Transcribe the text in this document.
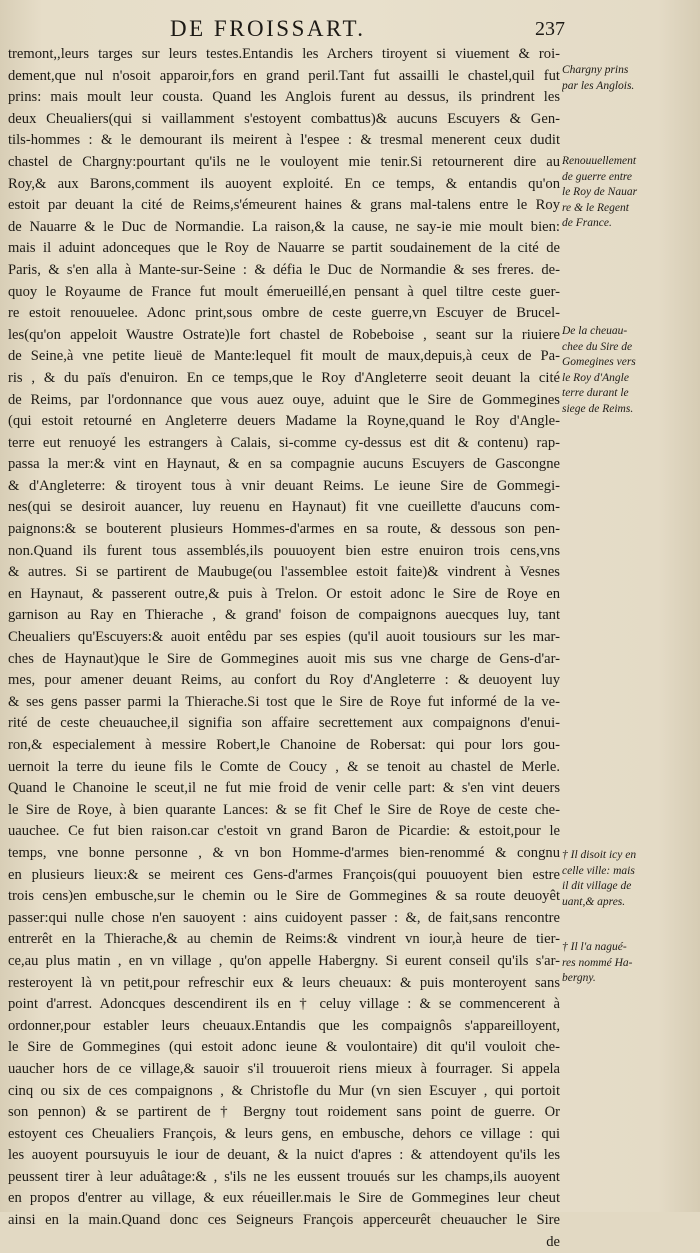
DE FROISSART.	237
tremont,,leurs targes sur leurs testes.Entandis les Archers tiroyent si viuement & roi-
dement,que nul n'osoit apparoir,fors en grand peril.Tant fut assailli le chastel,quil fut
prins: mais moult leur cousta. Quand les Anglois furent au dessus, ils prindrent les
deux Cheualiers(qui si vaillamment s'estoyent combattus)& aucuns Escuyers & Gen-
tils-hommes : & le demourant ils meirent à l'espee : & tresmal menerent ceux dudit
chastel de Chargny:pourtant qu'ils ne le vouloyent mie tenir.Si retournerent dire au
Roy,& aux Barons,comment ils auoyent exploité. En ce temps, & entandis qu'on
estoit par deuant la cité de Reims,s'émeurent haines & grans mal-talens entre le Roy
de Nauarre & le Duc de Normandie. La raison,& la cause, ne say-ie mie moult bien:
mais il aduint adonceques que le Roy de Nauarre se partit soudainement de la cité de
Paris, & s'en alla à Mante-sur-Seine : & défia le Duc de Normandie & ses freres. de-
quoy le Royaume de France fut moult émerueillé,en pensant à quel tiltre ceste guer-
re estoit renouuelee. Adonc print,sous ombre de ceste guerre,vn Escuyer de Brucel-
les(qu'on appeloit Waustre Ostrate)le fort chastel de Robeboise , seant sur la riuiere
de Seine,à vne petite lieuë de Mante:lequel fit moult de maux,depuis,à ceux de Pa-
ris , & du païs d'enuiron. En ce temps,que le Roy d'Angleterre seoit deuant la cité
de Reims, par l'ordonnance que vous auez ouye, aduint que le Sire de Gommegines
(qui estoit retourné en Angleterre deuers Madame la Royne,quand le Roy d'Angle-
terre eut renuoyé les estrangers à Calais, si-comme cy-dessus est dit & contenu) rap-
passa la mer:& vint en Haynaut, & en sa compagnie aucuns Escuyers de Gascongne
& d'Angleterre: & tiroyent tous à vnir deuant Reims. Le ieune Sire de Gommegi-
nes(qui se desiroit auancer, luy reuenu en Haynaut) fit vne cueillette d'aucuns com-
paignons:& se bouterent plusieurs Hommes-d'armes en sa route, & dessous son pen-
non.Quand ils furent tous assemblés,ils pouuoyent bien estre enuiron trois cens,vns
& autres. Si se partirent de Maubuge(ou l'assemblee estoit faite)& vindrent à Vesnes
en Haynaut, & passerent outre,& puis à Trelon. Or estoit adonc le Sire de Roye en
garnison au Ray en Thierache , & grand' foison de compaignons auecques luy, tant
Cheualiers qu'Escuyers:& auoit entêdu par ses espies (qu'il auoit tousiours sur les mar-
ches de Haynaut)que le Sire de Gommegines auoit mis sus vne charge de Gens-d'ar-
mes, pour amener deuant Reims, au confort du Roy d'Angleterre : & deuoyent luy
& ses gens passer parmi la Thierache.Si tost que le Sire de Roye fut informé de la ve-
rité de ceste cheuauchee,il signifia son affaire secrettement aux compaignons d'enui-
ron,& especialement à messire Robert,le Chanoine de Robersat: qui pour lors gou-
uernoit la terre du ieune fils le Comte de Coucy , & se tenoit au chastel de Merle.
Quand le Chanoine le sceut,il ne fut mie froid de venir celle part: & s'en vint deuers
le Sire de Roye, à bien quarante Lances: & se fit Chef le Sire de Roye de ceste che-
uauchee. Ce fut bien raison.car c'estoit vn grand Baron de Picardie: & estoit,pour le
temps, vne bonne personne , & vn bon Homme-d'armes bien-renommé & congnu
en plusieurs lieux:& se meirent ces Gens-d'armes François(qui pouuoyent bien estre
trois cens)en embusche,sur le chemin ou le Sire de Gommegines & sa route deuoyêt
passer:qui nulle chose n'en sauoyent : ains cuidoyent passer : &, de fait,sans rencontre
entrerêt en la Thierache,& au chemin de Reims:& vindrent vn iour,à heure de tier-
ce,au plus matin , en vn village , qu'on appelle Habergny. Si eurent conseil qu'ils s'ar-
resteroyent là vn petit,pour refreschir eux & leurs cheuaux: & puis monteroyent sans
point d'arrest. Adoncques descendirent ils en † celuy village : & se commencerent à
ordonner,pour establer leurs cheuaux.Entandis que les compaignôs s'appareilloyent,
le Sire de Gommegines (qui estoit adonc ieune & voulontaire) dit qu'il vouloit che-
uaucher hors de ce village,& sauoir s'il trouueroit riens mieux à fourrager. Si appela
cinq ou six de ces compaignons , & Christofle du Mur (vn sien Escuyer , qui portoit
son pennon) & se partirent de † Bergny tout roidement sans point de guerre. Or
estoyent ces Cheualiers François, & leurs gens, en embusche, dehors ce village : qui
les auoyent poursuyuis le iour de deuant, & la nuict d'apres : & attendoyent qu'ils les
peussent tirer à leur aduâtage:& , s'ils ne les eussent trouués sur les champs,ils auoyent
en propos d'entrer au village, & eux réueiller.mais le Sire de Gommegines leur cheut
ainsi en la main.Quand donc ces Seigneurs François apperceurêt cheuaucher le Sire
de
Chargny prins
par les Anglois.
Renouuellement
de guerre entre
le Roy de Nauar
re & le Regent
de France.
De la cheuau-
chee du Sire de
Gomegines vers
le Roy d'Angle
terre durant le
siege de Reims.
† Il disoit icy en
celle ville: mais
il dit village de
uant,& apres.
† Il l'a nagué-
res nommé Ha-
bergny.
